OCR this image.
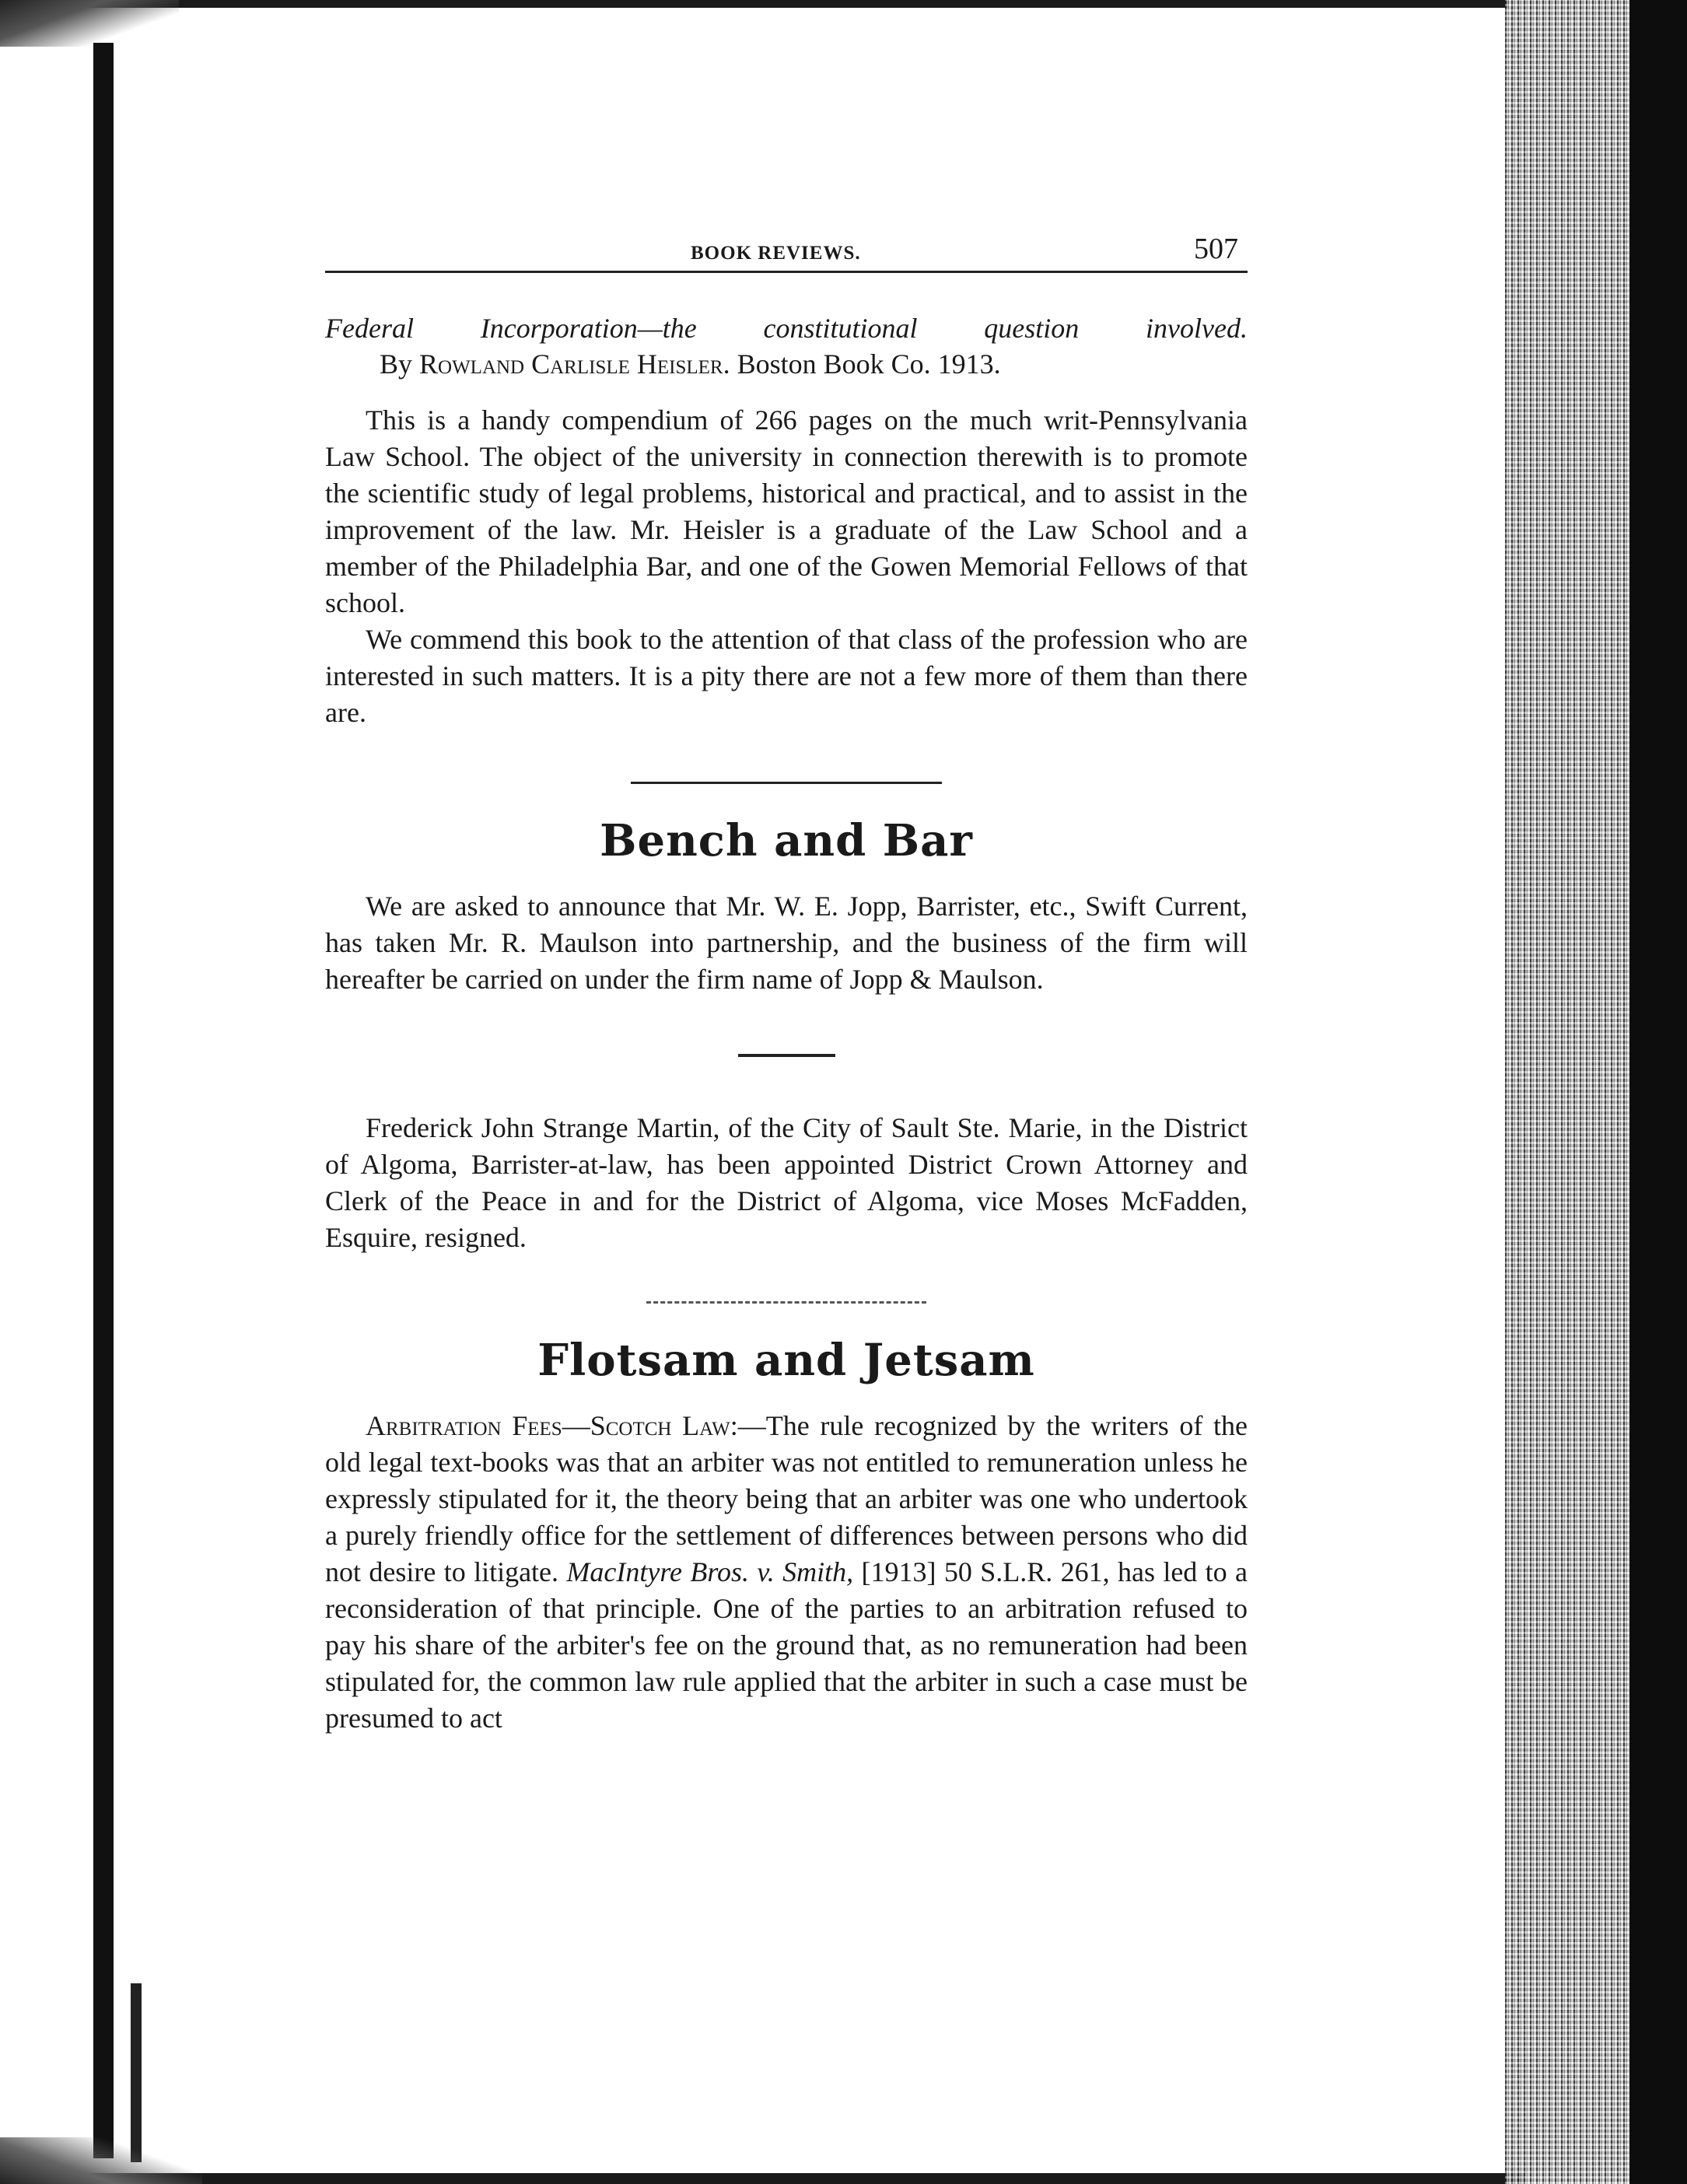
BOOK REVIEWS.	507
Federal Incorporation—the constitutional question involved.
By Rowland Carlisle Heisler. Boston Book Co. 1913.

This is a handy compendium of 266 pages on the much writ-Pennsylvania Law School. The object of the university in connection therewith is to promote the scientific study of legal problems, historical and practical, and to assist in the improvement of the law. Mr. Heisler is a graduate of the Law School and a member of the Philadelphia Bar, and one of the Gowen Memorial Fellows of that school.

We commend this book to the attention of that class of the profession who are interested in such matters. It is a pity there are not a few more of them than there are.

Bench and Bar

We are asked to announce that Mr. W. E. Jopp, Barrister, etc., Swift Current, has taken Mr. R. Maulson into partnership, and the business of the firm will hereafter be carried on under the firm name of Jopp & Maulson.

Frederick John Strange Martin, of the City of Sault Ste. Marie, in the District of Algoma, Barrister-at-law, has been appointed District Crown Attorney and Clerk of the Peace in and for the District of Algoma, vice Moses McFadden, Esquire, resigned.

Flotsam and Jetsam

Arbitration Fees—Scotch Law:—The rule recognized by the writers of the old legal text-books was that an arbiter was not entitled to remuneration unless he expressly stipulated for it, the theory being that an arbiter was one who undertook a purely friendly office for the settlement of differences between persons who did not desire to litigate. MacIntyre Bros. v. Smith, [1913] 50 S.L.R. 261, has led to a reconsideration of that principle. One of the parties to an arbitration refused to pay his share of the arbiter's fee on the ground that, as no remuneration had been stipulated for, the common law rule applied that the arbiter in such a case must be presumed to act
